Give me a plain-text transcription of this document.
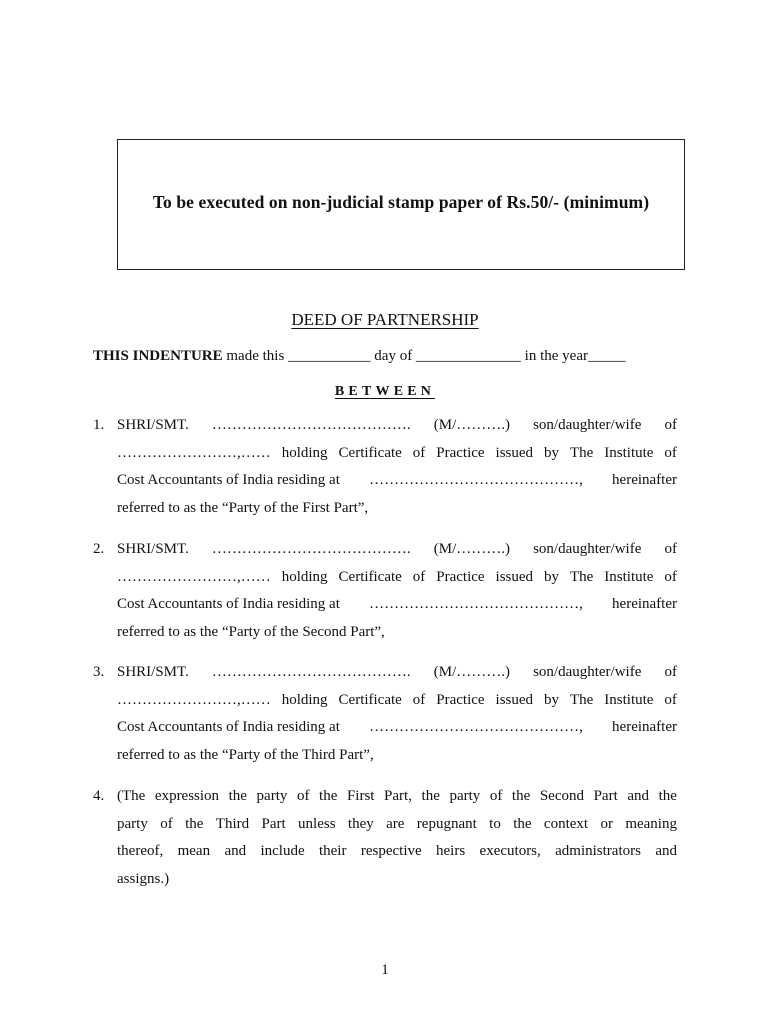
To be executed on non-judicial stamp paper of Rs.50/- (minimum)
DEED OF PARTNERSHIP
THIS INDENTURE made this ___________ day of ______________ in the year_____
BETWEEN
1. SHRI/SMT. …………………………………. (M/……….) son/daughter/wife of
……………………,…… holding Certificate of Practice issued by The Institute of
Cost Accountants of India residing at ……………………………………, hereinafter
referred to as the “Party of the First Part”,
2. SHRI/SMT. …………………………………. (M/……….) son/daughter/wife of
……………………,…… holding Certificate of Practice issued by The Institute of
Cost Accountants of India residing at ……………………………………, hereinafter
referred to as the “Party of the Second Part”,
3. SHRI/SMT. …………………………………. (M/……….) son/daughter/wife of
……………………,…… holding Certificate of Practice issued by The Institute of
Cost Accountants of India residing at ……………………………………, hereinafter
referred to as the “Party of the Third Part”,
4. (The expression the party of the First Part, the party of the Second Part and the
party of the Third Part unless they are repugnant to the context or meaning
thereof, mean and include their respective heirs executors, administrators and
assigns.)
1
